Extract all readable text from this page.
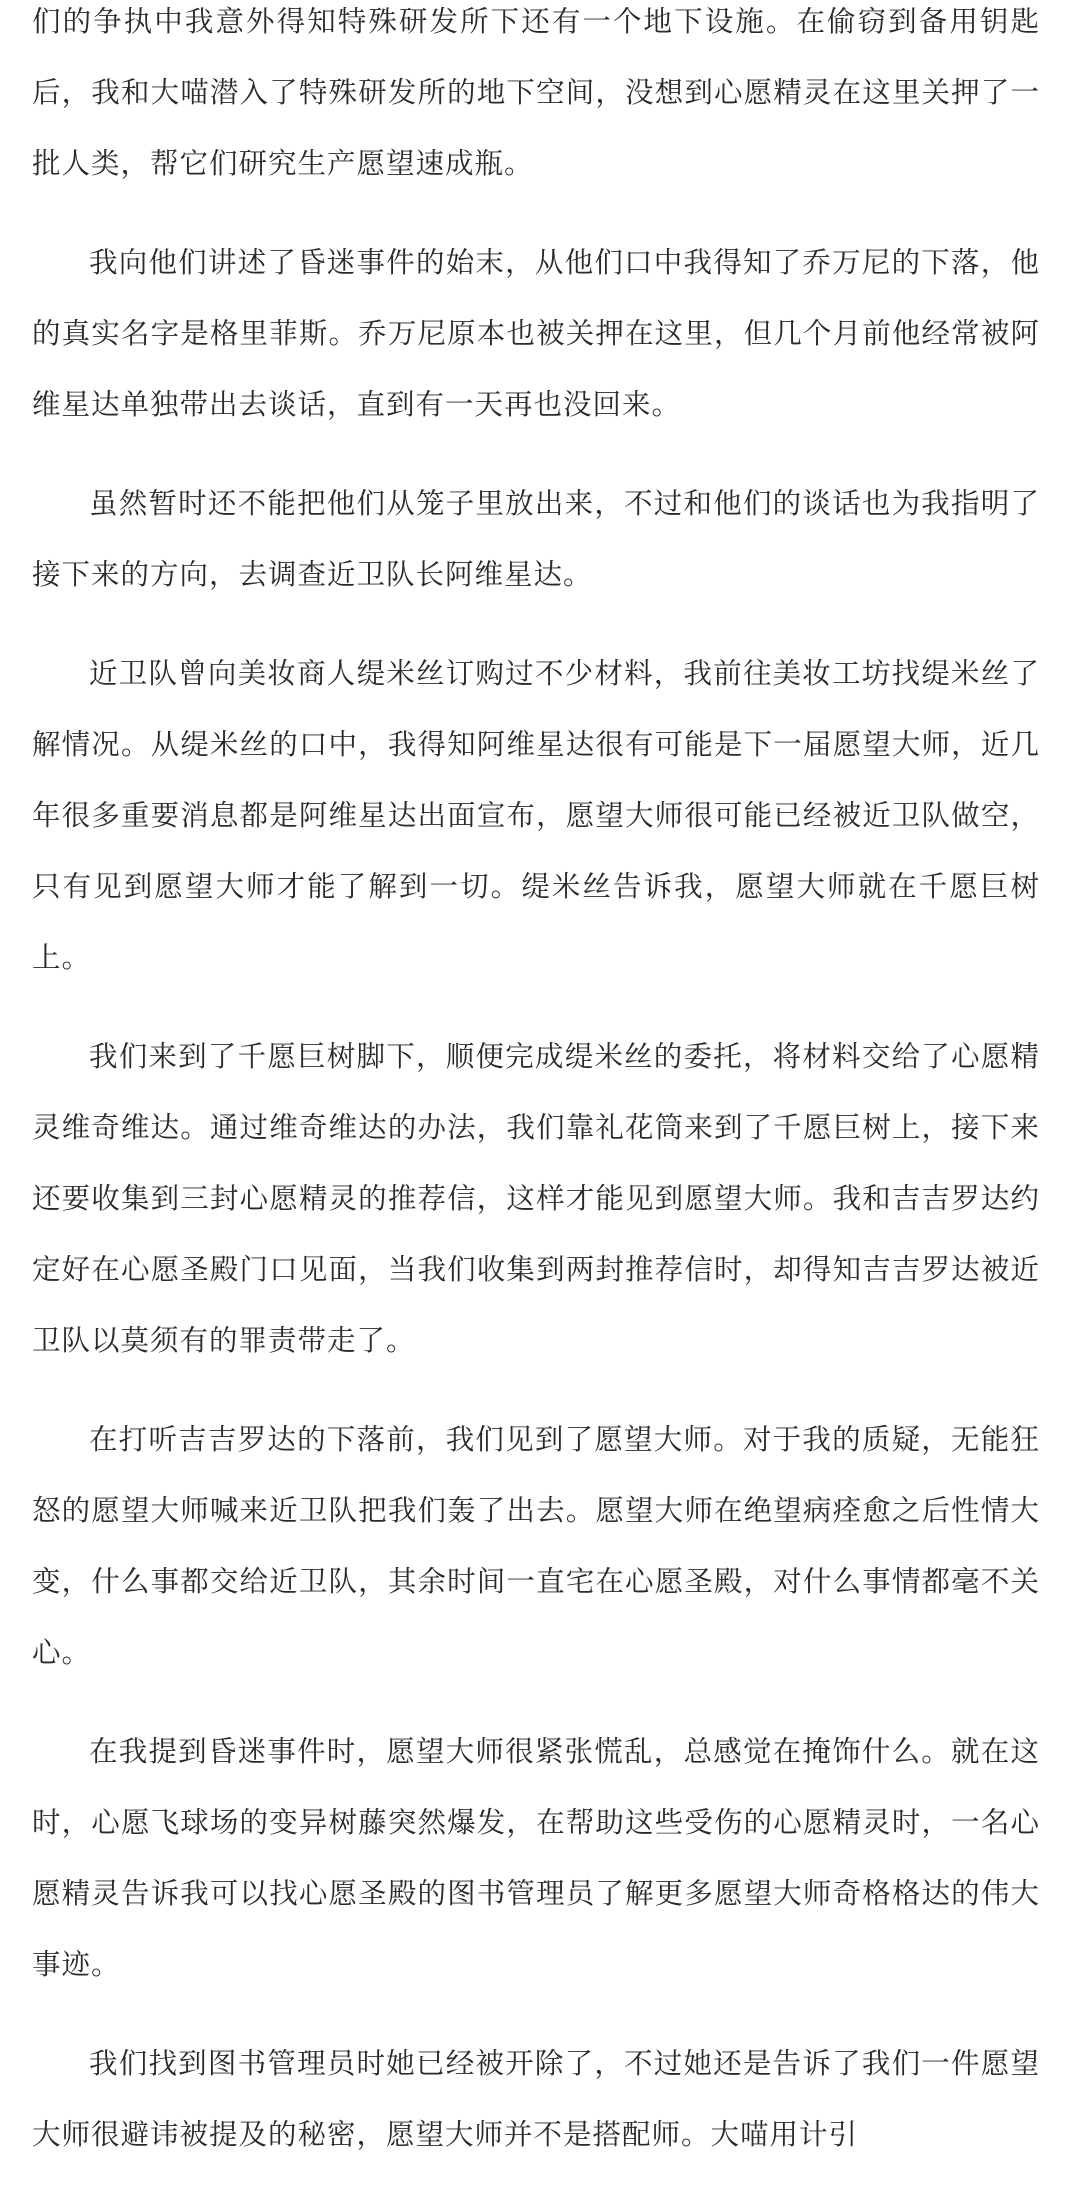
们的争执中我意外得知特殊研发所下还有一个地下设施。在偷窃到备用钥匙后，我和大喵潜入了特殊研发所的地下空间，没想到心愿精灵在这里关押了一批人类，帮它们研究生产愿望速成瓶。

我向他们讲述了昏迷事件的始末，从他们口中我得知了乔万尼的下落，他的真实名字是格里菲斯。乔万尼原本也被关押在这里，但几个月前他经常被阿维星达单独带出去谈话，直到有一天再也没回来。

虽然暂时还不能把他们从笼子里放出来，不过和他们的谈话也为我指明了接下来的方向，去调查近卫队长阿维星达。

近卫队曾向美妆商人缇米丝订购过不少材料，我前往美妆工坊找缇米丝了解情况。从缇米丝的口中，我得知阿维星达很有可能是下一届愿望大师，近几年很多重要消息都是阿维星达出面宣布，愿望大师很可能已经被近卫队做空，只有见到愿望大师才能了解到一切。缇米丝告诉我，愿望大师就在千愿巨树上。

我们来到了千愿巨树脚下，顺便完成缇米丝的委托，将材料交给了心愿精灵维奇维达。通过维奇维达的办法，我们靠礼花筒来到了千愿巨树上，接下来还要收集到三封心愿精灵的推荐信，这样才能见到愿望大师。我和吉吉罗达约定好在心愿圣殿门口见面，当我们收集到两封推荐信时，却得知吉吉罗达被近卫队以莫须有的罪责带走了。

在打听吉吉罗达的下落前，我们见到了愿望大师。对于我的质疑，无能狂怒的愿望大师喊来近卫队把我们轰了出去。愿望大师在绝望病痊愈之后性情大变，什么事都交给近卫队，其余时间一直宅在心愿圣殿，对什么事情都毫不关心。

在我提到昏迷事件时，愿望大师很紧张慌乱，总感觉在掩饰什么。就在这时，心愿飞球场的变异树藤突然爆发，在帮助这些受伤的心愿精灵时，一名心愿精灵告诉我可以找心愿圣殿的图书管理员了解更多愿望大师奇格格达的伟大事迹。

我们找到图书管理员时她已经被开除了，不过她还是告诉了我们一件愿望大师很避讳被提及的秘密，愿望大师并不是搭配师。大喵用计引
